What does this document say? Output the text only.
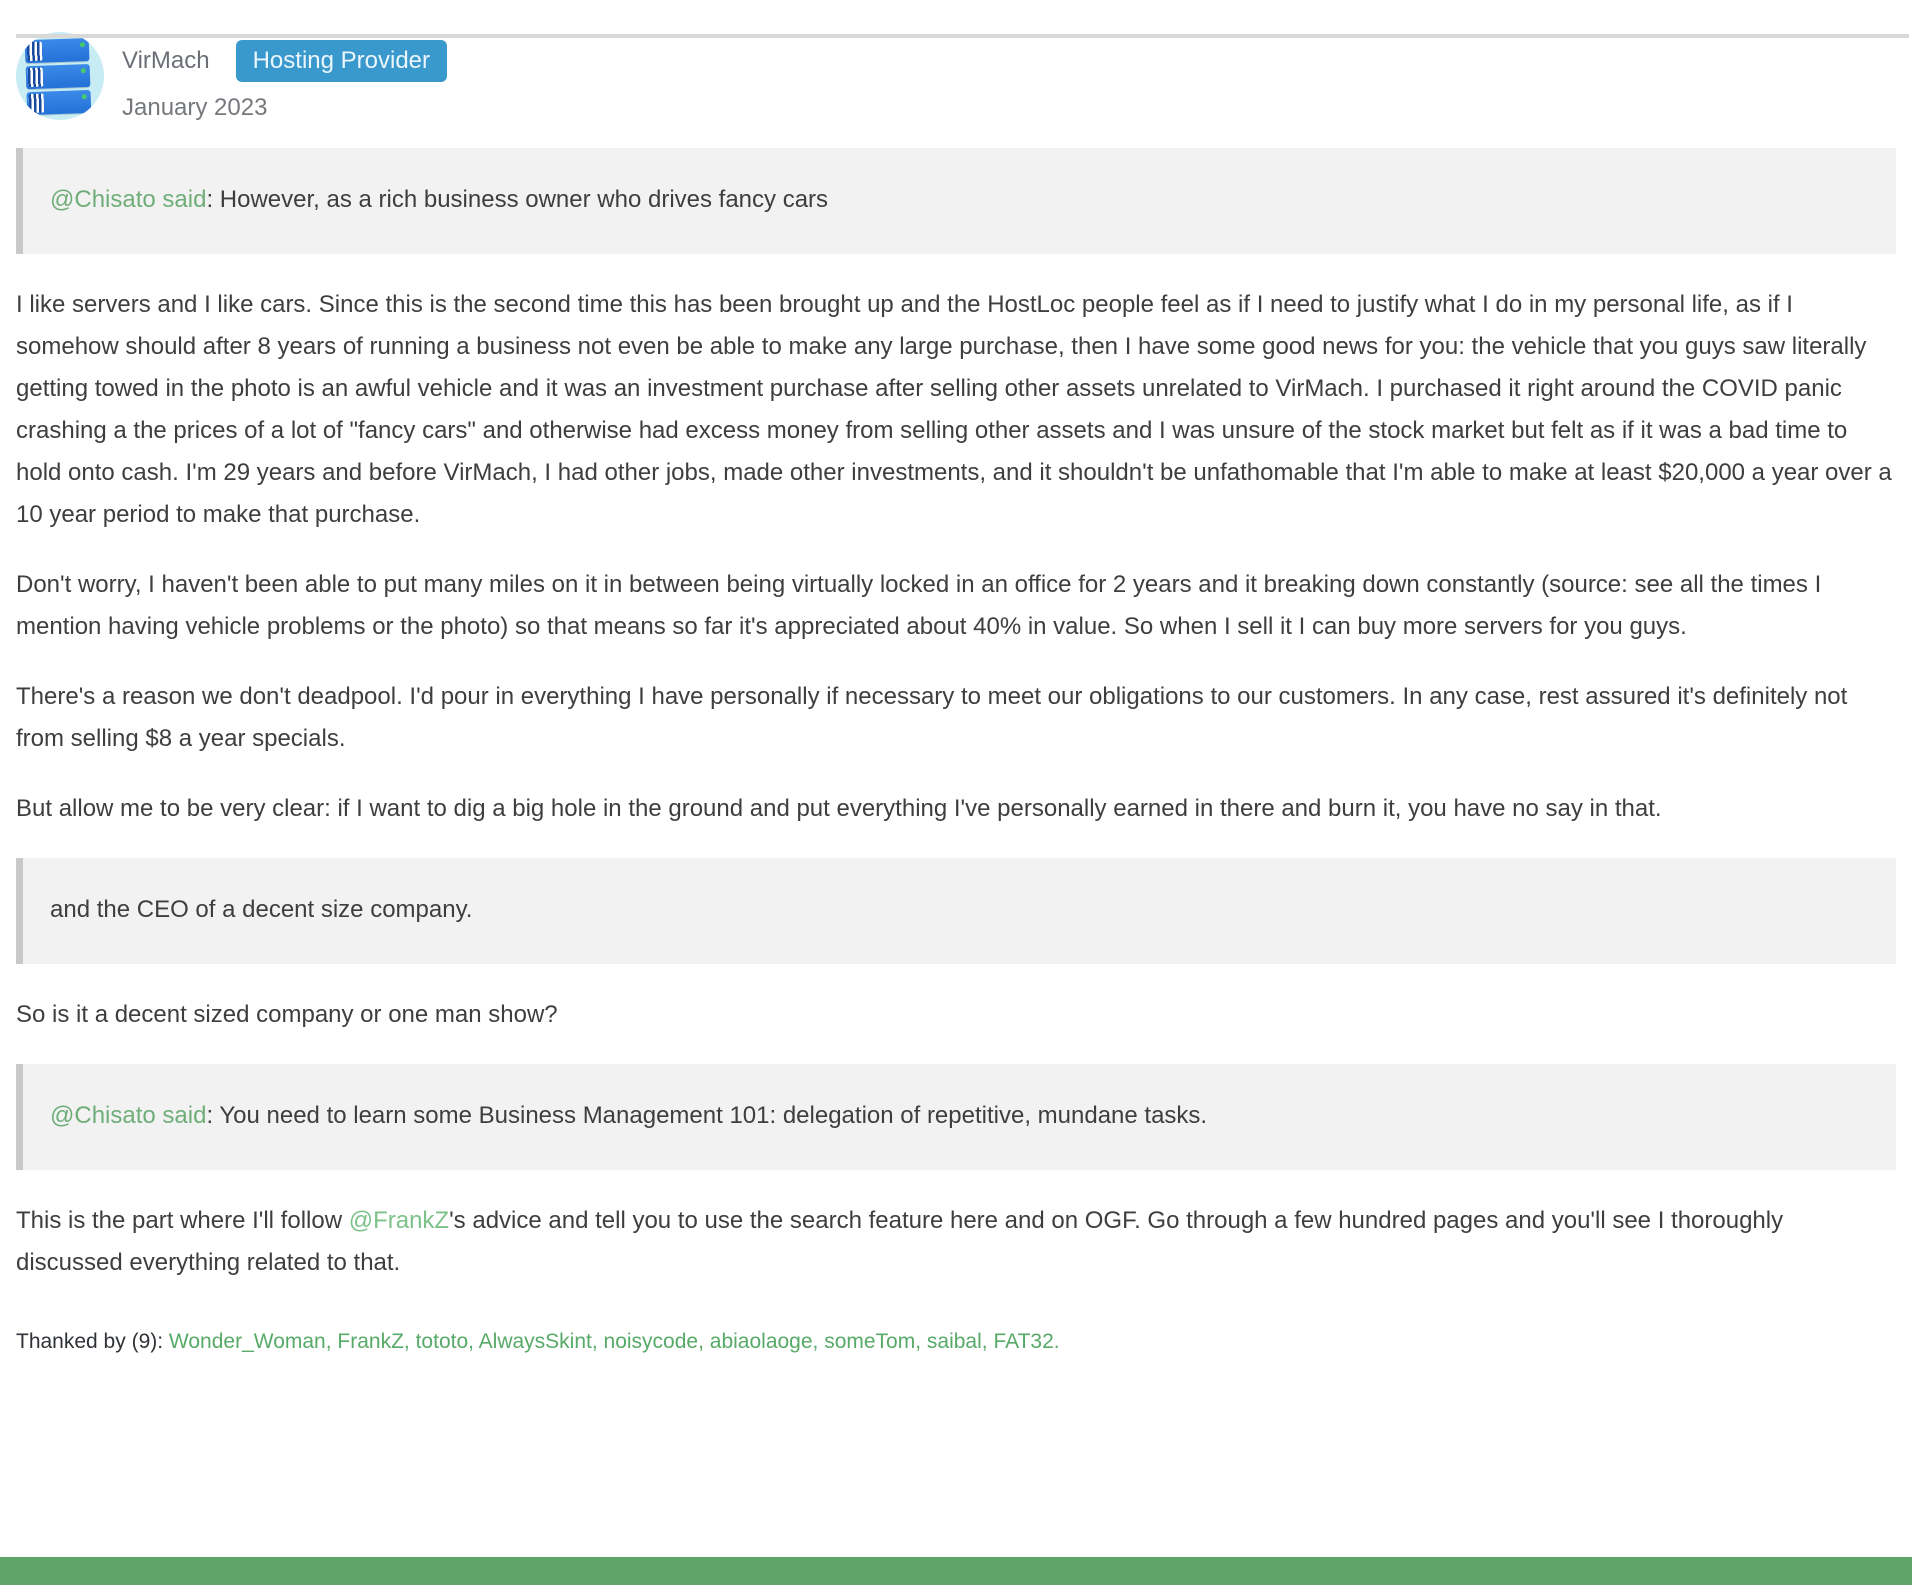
VirMach	Hosting Provider
January 2023
@Chisato said: However, as a rich business owner who drives fancy cars

I like servers and I like cars. Since this is the second time this has been brought up and the HostLoc people feel as if I need to justify what I do in my personal life, as if I somehow should after 8 years of running a business not even be able to make any large purchase, then I have some good news for you: the vehicle that you guys saw literally getting towed in the photo is an awful vehicle and it was an investment purchase after selling other assets unrelated to VirMach. I purchased it right around the COVID panic crashing a the prices of a lot of "fancy cars" and otherwise had excess money from selling other assets and I was unsure of the stock market but felt as if it was a bad time to hold onto cash. I'm 29 years and before VirMach, I had other jobs, made other investments, and it shouldn't be unfathomable that I'm able to make at least $20,000 a year over a 10 year period to make that purchase.

Don't worry, I haven't been able to put many miles on it in between being virtually locked in an office for 2 years and it breaking down constantly (source: see all the times I mention having vehicle problems or the photo) so that means so far it's appreciated about 40% in value. So when I sell it I can buy more servers for you guys.

There's a reason we don't deadpool. I'd pour in everything I have personally if necessary to meet our obligations to our customers. In any case, rest assured it's definitely not from selling $8 a year specials.

But allow me to be very clear: if I want to dig a big hole in the ground and put everything I've personally earned in there and burn it, you have no say in that.

and the CEO of a decent size company.

So is it a decent sized company or one man show?

@Chisato said: You need to learn some Business Management 101: delegation of repetitive, mundane tasks.

This is the part where I'll follow @FrankZ's advice and tell you to use the search feature here and on OGF. Go through a few hundred pages and you'll see I thoroughly discussed everything related to that.

Thanked by (9): Wonder_Woman, FrankZ, tototo, AlwaysSkint, noisycode, abiaolaoge, someTom, saibal, FAT32.
